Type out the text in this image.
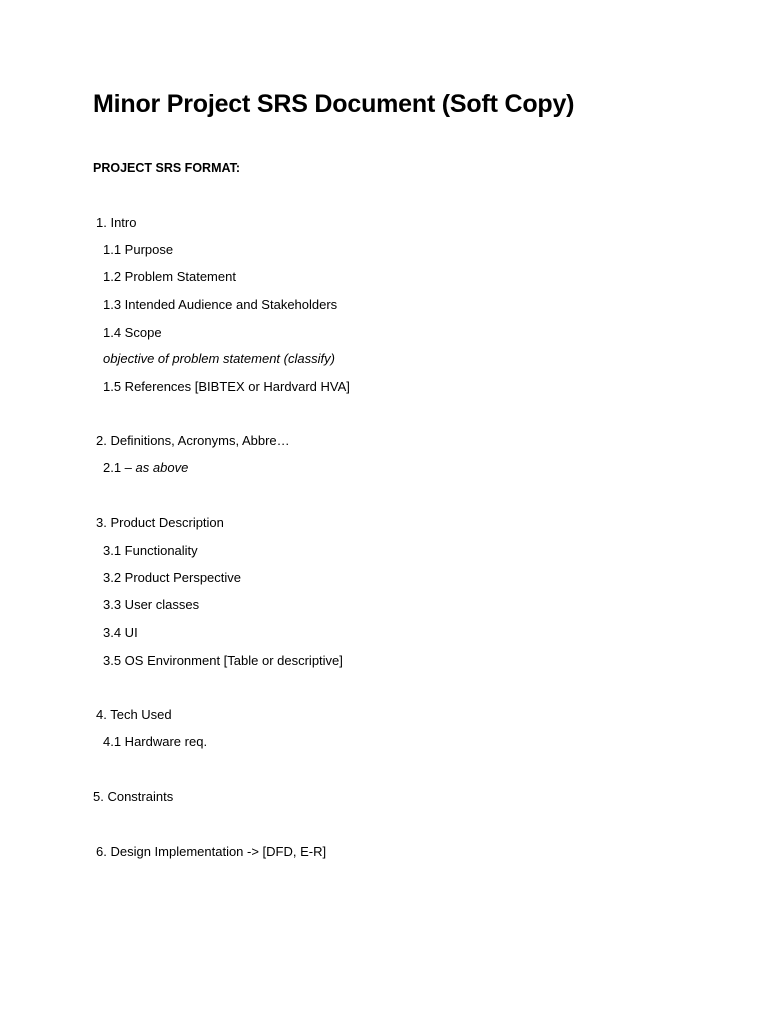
Minor Project SRS Document (Soft Copy)
PROJECT SRS FORMAT:
1. Intro
1.1 Purpose
1.2 Problem Statement
1.3 Intended Audience and Stakeholders
1.4 Scope
objective of problem statement (classify)
1.5 References [BIBTEX or Hardvard HVA]
2. Definitions, Acronyms, Abbre…
2.1 – as above
3. Product Description
3.1 Functionality
3.2 Product Perspective
3.3 User classes
3.4 UI
3.5 OS Environment [Table or descriptive]
4. Tech Used
4.1 Hardware req.
5. Constraints
6. Design Implementation -> [DFD, E-R]
